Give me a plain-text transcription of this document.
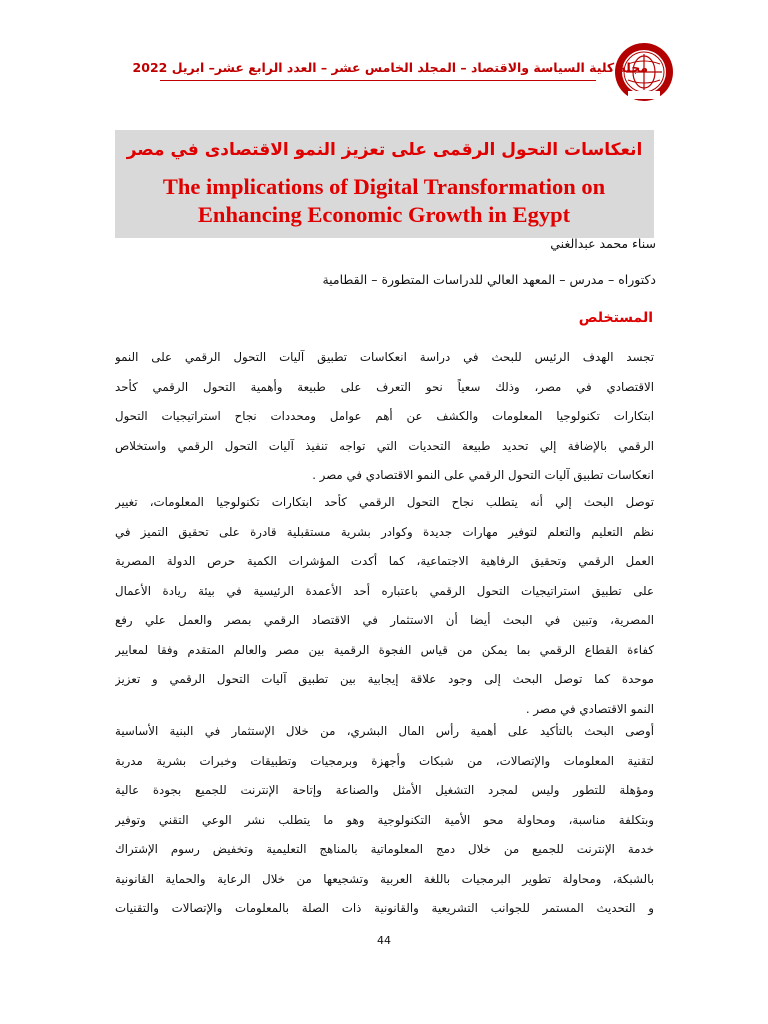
مجلة كلية السياسة والاقتصاد – المجلد الخامس عشر – العدد الرابع عشر– ابريل 2022
انعكاسات التحول الرقمى على تعزيز النمو الاقتصادى في مصر
The implications of Digital Transformation on
Enhancing Economic Growth in Egypt
سناء محمد عبدالغني
دكتوراه – مدرس – المعهد العالي للدراسات المتطورة – القطامية
المستخلص
تجسد الهدف الرئيس للبحث في دراسة انعكاسات تطبيق آليات التحول الرقمي على النمو
الاقتصادي في مصر، وذلك سعياً نحو التعرف على طبيعة وأهمية التحول الرقمي كأحد
ابتكارات تكنولوجيا المعلومات والكشف عن أهم عوامل ومحددات نجاح استراتيجيات التحول
الرقمي بالإضافة إلي تحديد طبيعة التحديات التي تواجه تنفيذ آليات التحول الرقمي واستخلاص
انعكاسات تطبيق آليات التحول الرقمي على النمو الاقتصادي في مصر .
توصل البحث إلي أنه يتطلب نجاح التحول الرقمي كأحد ابتكارات تكنولوجيا المعلومات، تغيير
نظم التعليم والتعلم لتوفير مهارات جديدة وكوادر بشرية مستقبلية قادرة على تحقيق التميز في
العمل الرقمي وتحقيق الرفاهية الاجتماعية، كما أكدت المؤشرات الكمية حرص الدولة المصرية
على تطبيق استراتيجيات التحول الرقمي باعتباره أحد الأعمدة الرئيسية في بيئة ريادة الأعمال
المصرية، وتبين في البحث أيضا أن الاستثمار في الاقتصاد الرقمي بمصر والعمل علي رفع
كفاءة القطاع الرقمي بما يمكن من قياس الفجوة الرقمية بين مصر والعالم المتقدم وفقا لمعايير
موحدة كما توصل البحث إلى وجود علاقة إيجابية بين تطبيق آليات التحول الرقمي و تعزيز
النمو الاقتصادي في مصر .
أوصى البحث بالتأكيد على أهمية رأس المال البشري، من خلال الإستثمار في البنية الأساسية
لتقنية المعلومات والإتصالات، من شبكات وأجهزة وبرمجيات وتطبيقات وخبرات بشرية مدربة
ومؤهلة للتطور وليس لمجرد التشغيل الأمثل والصناعة وإتاحة الإنترنت للجميع بجودة عالية
وبتكلفة مناسبة، ومحاولة محو الأمية التكنولوجية وهو ما يتطلب نشر الوعي التقني وتوفير
خدمة الإنترنت للجميع من خلال دمج المعلوماتية بالمناهج التعليمية وتخفيض رسوم الإشتراك
بالشبكة، ومحاولة تطوير البرمجيات باللغة العربية وتشجيعها من خلال الرعاية والحماية القانونية
و التحديث المستمر للجوانب التشريعية والقانونية ذات الصلة بالمعلومات والإتصالات والتقنيات
44
